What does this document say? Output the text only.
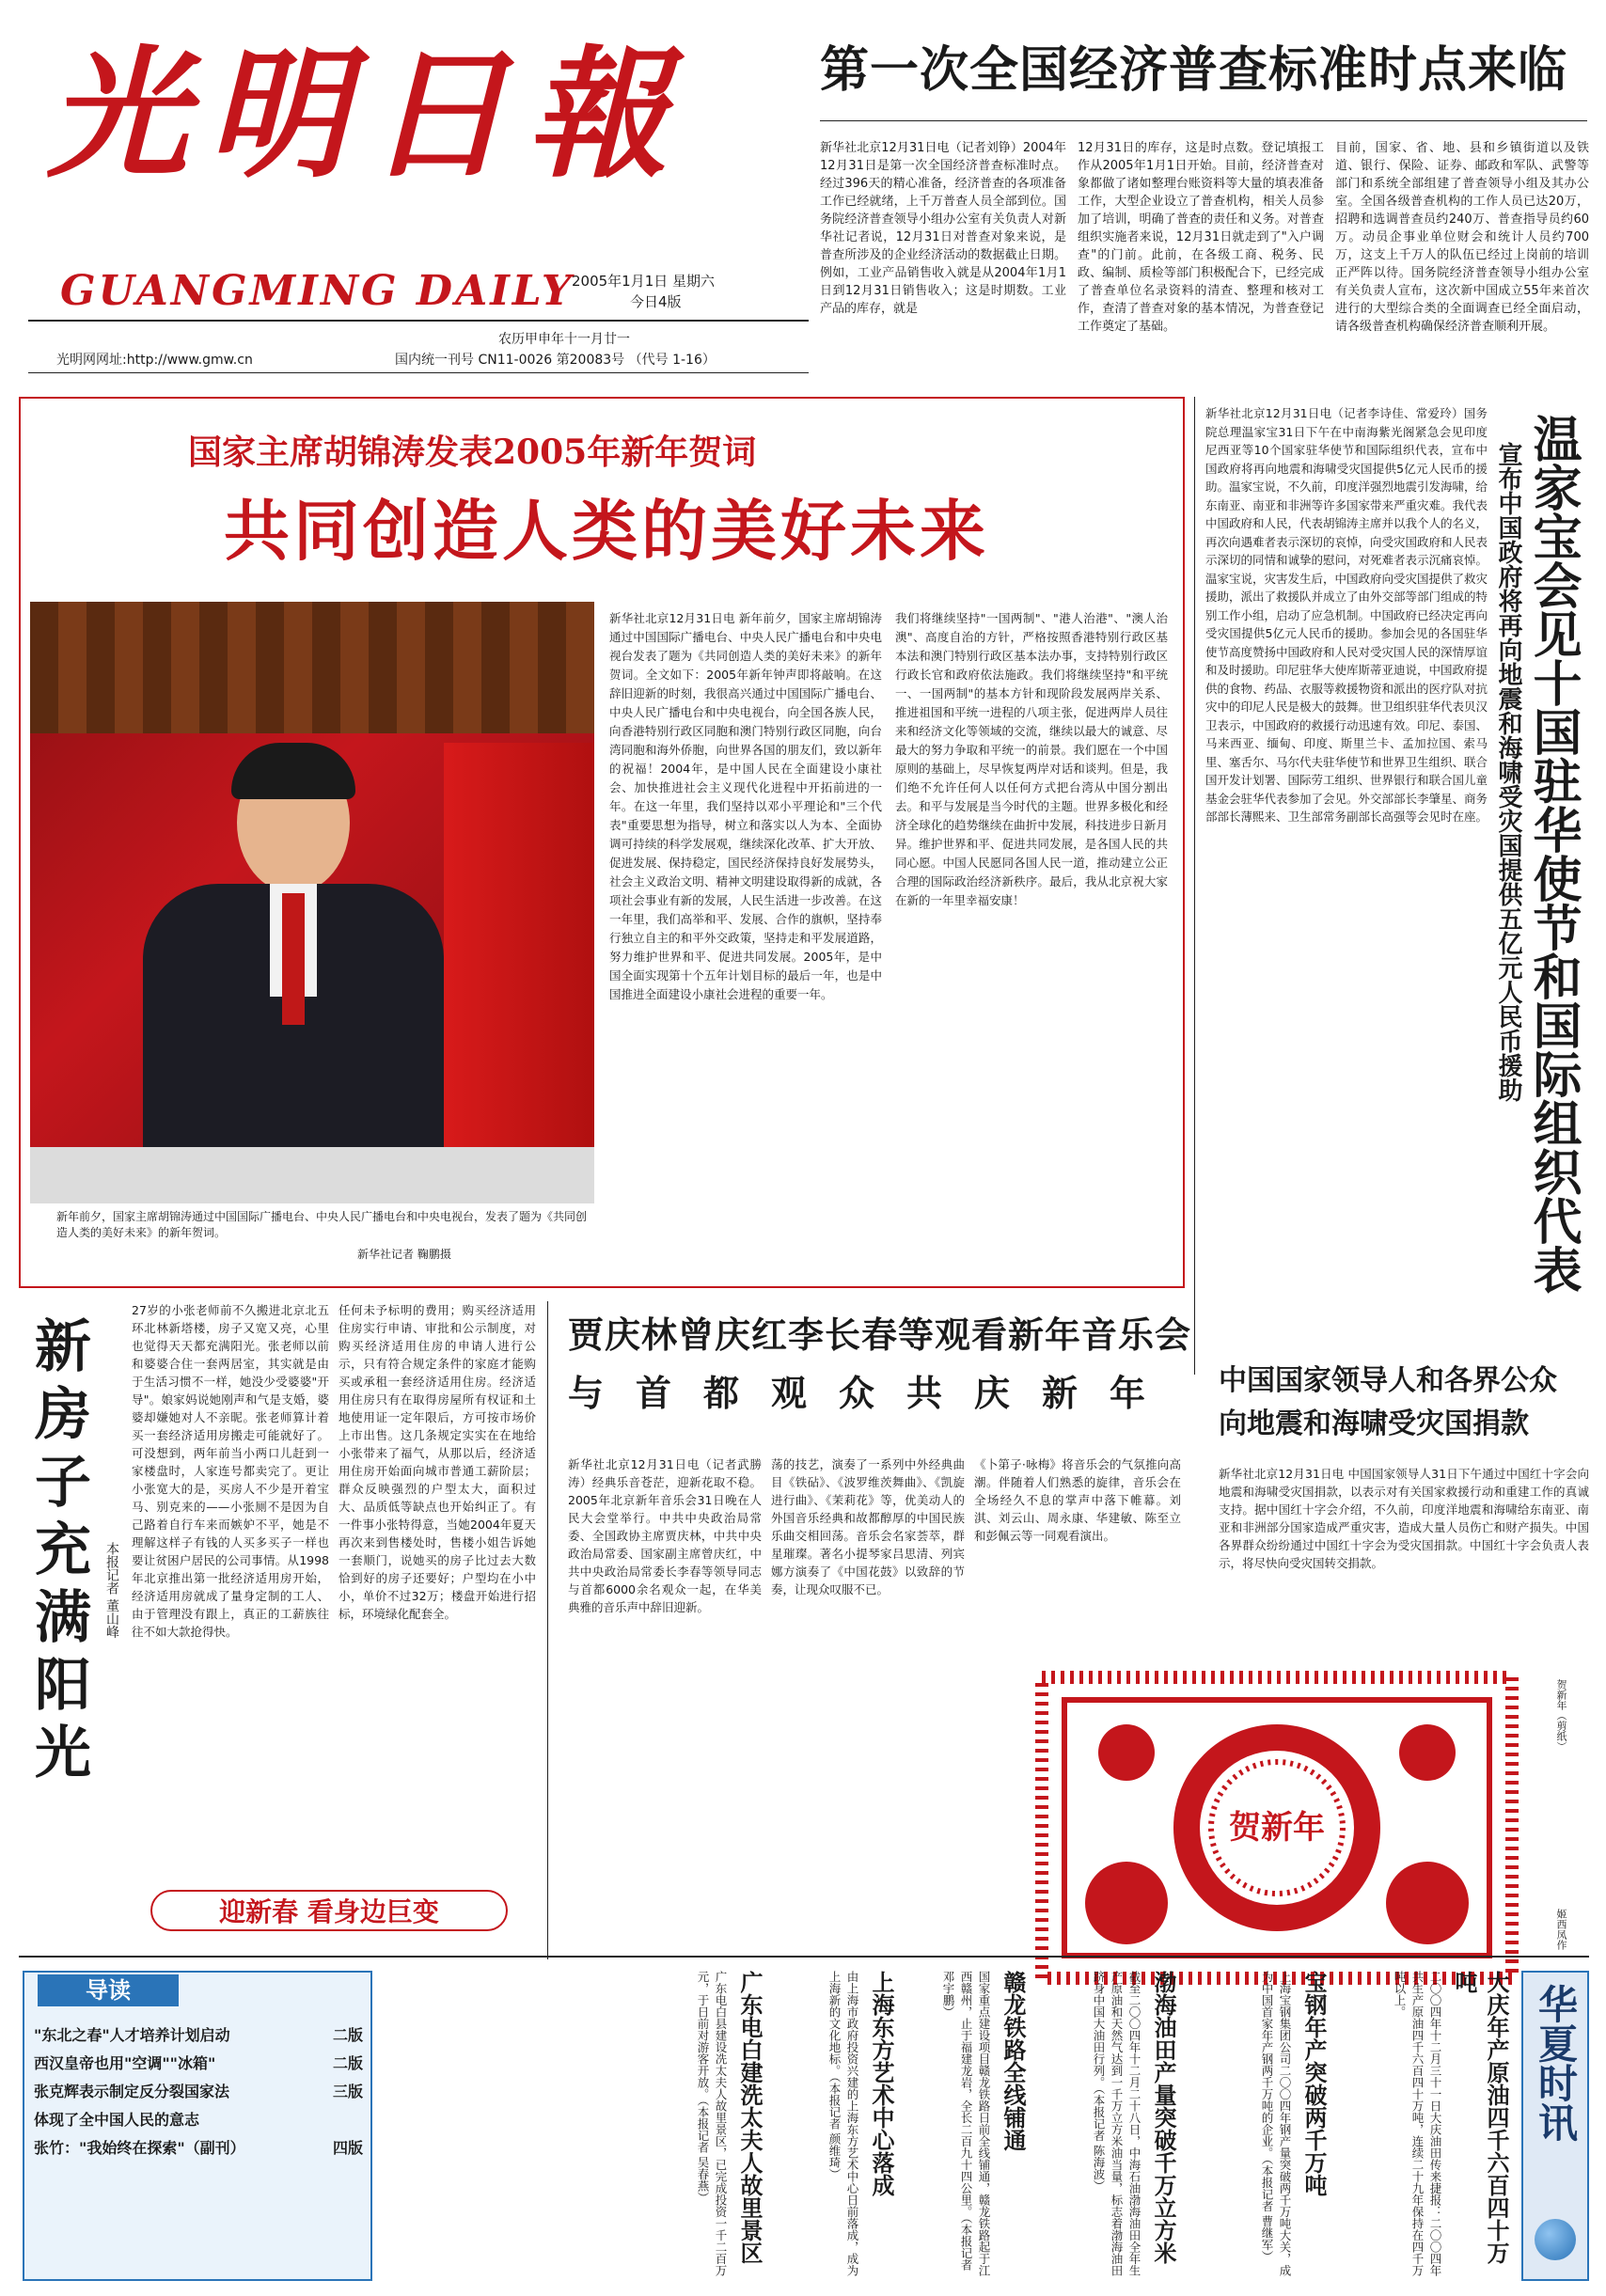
光明日報
GUANGMING DAILY
2005年1月1日 星期六
今日4版
农历甲申年十一月廿一
光明网网址:http://www.gmw.cn	国内统一刊号 CN11-0026 第20083号 （代号 1-16）
第一次全国经济普查标准时点来临
新华社北京12月31日电（记者刘铮）2004年12月31日是第一次全国经济普查标准时点。经过396天的精心准备，经济普查的各项准备工作已经就绪，上千万普查人员全部到位。国务院经济普查领导小组办公室有关负责人对新华社记者说，12月31日对普查对象来说，是普查所涉及的企业经济活动的数据截止日期。例如，工业产品销售收入就是从2004年1月1日到12月31日销售收入；这是时期数。工业产品的库存，就是
12月31日的库存，这是时点数。登记填报工作从2005年1月1日开始。目前，经济普查对象都做了诸如整理台账资料等大量的填表准备工作，大型企业设立了普查机构，相关人员参加了培训，明确了普查的责任和义务。对普查组织实施者来说，12月31日就走到了"入户调查"的门前。此前，在各级工商、税务、民政、编制、质检等部门积极配合下，已经完成了普查单位名录资料的清查、整理和核对工作，查清了普查对象的基本情况，为普查登记工作奠定了基础。
目前，国家、省、地、县和乡镇街道以及铁道、银行、保险、证券、邮政和军队、武警等部门和系统全部组建了普查领导小组及其办公室。全国各级普查机构的工作人员已达20万，招聘和选调普查员约240万、普查指导员约60万。动员企事业单位财会和统计人员约700万，这支上千万人的队伍已经过上岗前的培训正严阵以待。国务院经济普查领导小组办公室有关负责人宣布，这次新中国成立55年来首次进行的大型综合类的全面调查已经全面启动，请各级普查机构确保经济普查顺利开展。
国家主席胡锦涛发表2005年新年贺词
共同创造人类的美好未来
新年前夕，国家主席胡锦涛通过中国国际广播电台、中央人民广播电台和中央电视台，发表了题为《共同创造人类的美好未来》的新年贺词。
新华社记者 鞠鹏摄
新华社北京12月31日电 新年前夕，国家主席胡锦涛通过中国国际广播电台、中央人民广播电台和中央电视台发表了题为《共同创造人类的美好未来》的新年贺词。全文如下：2005年新年钟声即将敲响。在这辞旧迎新的时刻，我很高兴通过中国国际广播电台、中央人民广播电台和中央电视台，向全国各族人民，向香港特别行政区同胞和澳门特别行政区同胞，向台湾同胞和海外侨胞，向世界各国的朋友们，致以新年的祝福！2004年，是中国人民在全面建设小康社会、加快推进社会主义现代化进程中开拓前进的一年。在这一年里，我们坚持以邓小平理论和"三个代表"重要思想为指导，树立和落实以人为本、全面协调可持续的科学发展观，继续深化改革、扩大开放、促进发展、保持稳定，国民经济保持良好发展势头，社会主义政治文明、精神文明建设取得新的成就，各项社会事业有新的发展，人民生活进一步改善。在这一年里，我们高举和平、发展、合作的旗帜，坚持奉行独立自主的和平外交政策，坚持走和平发展道路，努力维护世界和平、促进共同发展。2005年，是中国全面实现第十个五年计划目标的最后一年，也是中国推进全面建设小康社会进程的重要一年。
我们将继续坚持"一国两制"、"港人治港"、"澳人治澳"、高度自治的方针，严格按照香港特别行政区基本法和澳门特别行政区基本法办事，支持特别行政区行政长官和政府依法施政。我们将继续坚持"和平统一、一国两制"的基本方针和现阶段发展两岸关系、推进祖国和平统一进程的八项主张，促进两岸人员往来和经济文化等领域的交流，继续以最大的诚意、尽最大的努力争取和平统一的前景。我们愿在一个中国原则的基础上，尽早恢复两岸对话和谈判。但是，我们绝不允许任何人以任何方式把台湾从中国分割出去。和平与发展是当今时代的主题。世界多极化和经济全球化的趋势继续在曲折中发展，科技进步日新月异。维护世界和平、促进共同发展，是各国人民的共同心愿。中国人民愿同各国人民一道，推动建立公正合理的国际政治经济新秩序。最后，我从北京祝大家在新的一年里幸福安康！
新华社北京12月31日电（记者李诗佳、常爱玲）国务院总理温家宝31日下午在中南海紫光阁紧急会见印度尼西亚等10个国家驻华使节和国际组织代表，宣布中国政府将再向地震和海啸受灾国提供5亿元人民币的援助。温家宝说，不久前，印度洋强烈地震引发海啸，给东南亚、南亚和非洲等许多国家带来严重灾难。我代表中国政府和人民，代表胡锦涛主席并以我个人的名义，再次向遇难者表示深切的哀悼，向受灾国政府和人民表示深切的同情和诚挚的慰问，对死难者表示沉痛哀悼。温家宝说，灾害发生后，中国政府向受灾国提供了救灾援助，派出了救援队并成立了由外交部等部门组成的特别工作小组，启动了应急机制。中国政府已经决定再向受灾国提供5亿元人民币的援助。参加会见的各国驻华使节高度赞扬中国政府和人民对受灾国人民的深情厚谊和及时援助。印尼驻华大使库斯蒂亚迪说，中国政府提供的食物、药品、衣服等救援物资和派出的医疗队对抗灾中的印尼人民是极大的鼓舞。世卫组织驻华代表贝汉卫表示，中国政府的救援行动迅速有效。印尼、泰国、马来西亚、缅甸、印度、斯里兰卡、孟加拉国、索马里、塞舌尔、马尔代夫驻华使节和世界卫生组织、联合国开发计划署、国际劳工组织、世界银行和联合国儿童基金会驻华代表参加了会见。外交部部长李肇星、商务部部长薄熙来、卫生部常务副部长高强等会见时在座。 温家宝会见十国驻华使节和国际组织代表
宣布中国政府将再向地震和海啸受灾国提供五亿元人民币援助
新房子充满阳光	本报记者 董山峰
27岁的小张老师前不久搬进北京北五环北林新塔楼，房子又宽又亮，心里也觉得天天都充满阳光。张老师以前和婆婆合住一套两居室，其实就是由于生活习惯不一样，她没少受婆婆"开导"。娘家妈说她刚声和气是支婚，婆婆却嫌她对人不亲昵。张老师算计着买一套经济适用房搬走可能就好了。可没想到，两年前当小两口儿赶到一家楼盘时，人家连号都卖完了。更让小张宽大的是，买房人不少是开着宝马、别克来的——小张厕不是因为自己路着自行车来而嫉妒不平，她是不理解这样子有钱的人买多买子一样也要让贫困户居民的公司事情。从1998年北京推出第一批经济适用房开始，经济适用房就成了量身定制的工人、由于管理没有跟上，真正的工薪族往往不如大款抢得快。
任何未予标明的费用；购买经济适用住房实行申请、审批和公示制度，对购买经济适用住房的申请人进行公示，只有符合规定条件的家庭才能购买或承租一套经济适用住房。经济适用住房只有在取得房屋所有权证和土地使用证一定年限后，方可按市场价上市出售。这几条规定实实在在地给小张带来了福气，从那以后，经济适用住房开始面向城市普通工薪阶层；群众反映强烈的户型太大，面积过大、品质低等缺点也开始纠正了。有一件事小张特得意，当她2004年夏天再次来到售楼处时，售楼小姐告诉她一套顺门，说她买的房子比过去大数恰到好的房子还要好；户型均在小中小，单价不过32万；楼盘开始进行招标，环境绿化配套全。
迎新春 看身边巨变
贾庆林曾庆红李长春等观看新年音乐会
与首都观众共庆新年
新华社北京12月31日电（记者武勝涛）经典乐音苍茫，迎新花取不稳。2005年北京新年音乐会31日晚在人民大会堂举行。中共中央政治局常委、全国政协主席贾庆林，中共中央政治局常委、国家副主席曾庆红，中共中央政治局常委长李春等领导同志与首都6000余名观众一起，在华美典雅的音乐声中辞旧迎新。
荡的技艺，演奏了一系列中外经典曲目《铁砧》、《波罗维茨舞曲》、《凯旋进行曲》、《茉莉花》等，优美动人的外国音乐经典和故都醇厚的中国民族乐曲交相回荡。音乐会名家荟萃，群星璀璨。著名小提琴家吕思清、列宾娜方演奏了《中国花鼓》以致辞的节奏，让现众叹服不已。
《卜第子·咏梅》将音乐会的气氛推向高潮。伴随着人们熟悉的旋律，音乐会在全场经久不息的掌声中落下帷幕。刘淇、刘云山、周永康、华建敏、陈至立和彭佩云等一同观看演出。
中国国家领导人和各界公众
向地震和海啸受灾国捐款
新华社北京12月31日电 中国国家领导人31日下午通过中国红十字会向地震和海啸受灾国捐款，以表示对有关国家救援行动和重建工作的真诚支持。据中国红十字会介绍，不久前，印度洋地震和海啸给东南亚、南亚和非洲部分国家造成严重灾害，造成大量人员伤亡和财产损失。中国各界群众纷纷通过中国红十字会为受灾国捐款。中国红十字会负责人表示，将尽快向受灾国转交捐款。
贺新年
贺新年（剪纸）
姬西凤作
导读
"东北之春"人才培养计划启动	二版
西汉皇帝也用"空调""冰箱"	二版
张克辉表示制定反分裂国家法	三版
体现了全中国人民的意志
张竹："我始终在探索"（副刊）	四版
华夏时讯
大庆年产原油四千六百四十万吨
二〇〇四年十二月三十一日大庆油田传来捷报：二〇〇四年共生产原油四千六百四十万吨，连续二十九年保持在四千万吨以上。
宝钢年产突破两千万吨
上海宝钢集团公司二〇〇四年钢产量突破两千万吨大关，成为中国首家年产钢两千万吨的企业。（本报记者 曹继军）
渤海油田产量突破千万立方米
截至二〇〇四年十二月二十八日，中海石油渤海油田全年生产原油和天然气达到一千万立方米油当量，标志着渤海油田跻身中国大油田行列。（本报记者 陈海波）
赣龙铁路全线铺通
国家重点建设项目赣龙铁路日前全线铺通，赣龙铁路起于江西赣州，止于福建龙岩，全长二百九十四公里。（本报记者 邓宇鹏）
上海东方艺术中心落成
由上海市政府投资兴建的上海东方艺术中心日前落成，成为上海新的文化地标。（本报记者 颜维琦）
广东电白建洗太夫人故里景区
广东电白县建设冼太夫人故里景区，已完成投资一千二百万元，于日前对游客开放。（本报记者 吴春燕）
